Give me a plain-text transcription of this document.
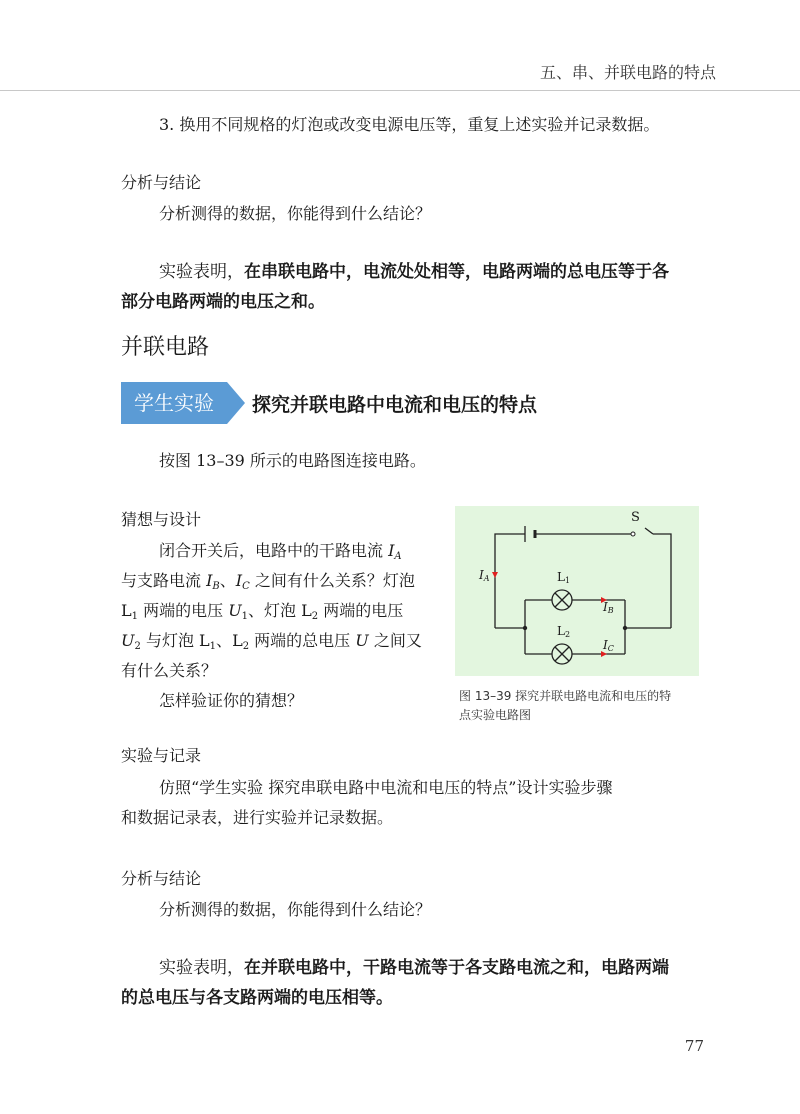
五、串、并联电路的特点
3. 换用不同规格的灯泡或改变电源电压等，重复上述实验并记录数据。
分析与结论
分析测得的数据，你能得到什么结论？
实验表明，在串联电路中，电流处处相等，电路两端的总电压等于各
部分电路两端的电压之和。
并联电路
学生实验	探究并联电路中电流和电压的特点
按图 13–39 所示的电路图连接电路。
猜想与设计
闭合开关后，电路中的干路电流 $I_A$
与支路电流 $I_B$、$I_C$ 之间有什么关系？灯泡
$L_1$ 两端的电压 $U_1$、灯泡 $L_2$ 两端的电压
$U_2$ 与灯泡 $L_1$、$L_2$ 两端的总电压 U 之间又
有什么关系？
怎样验证你的猜想？
S
L1
L2
IA
IB
IC
图 13–39 探究并联电路电流和电压的特
点实验电路图
实验与记录
仿照“学生实验 探究串联电路中电流和电压的特点”设计实验步骤
和数据记录表，进行实验并记录数据。
分析与结论
分析测得的数据，你能得到什么结论？
实验表明，在并联电路中，干路电流等于各支路电流之和，电路两端
的总电压与各支路两端的电压相等。
77
